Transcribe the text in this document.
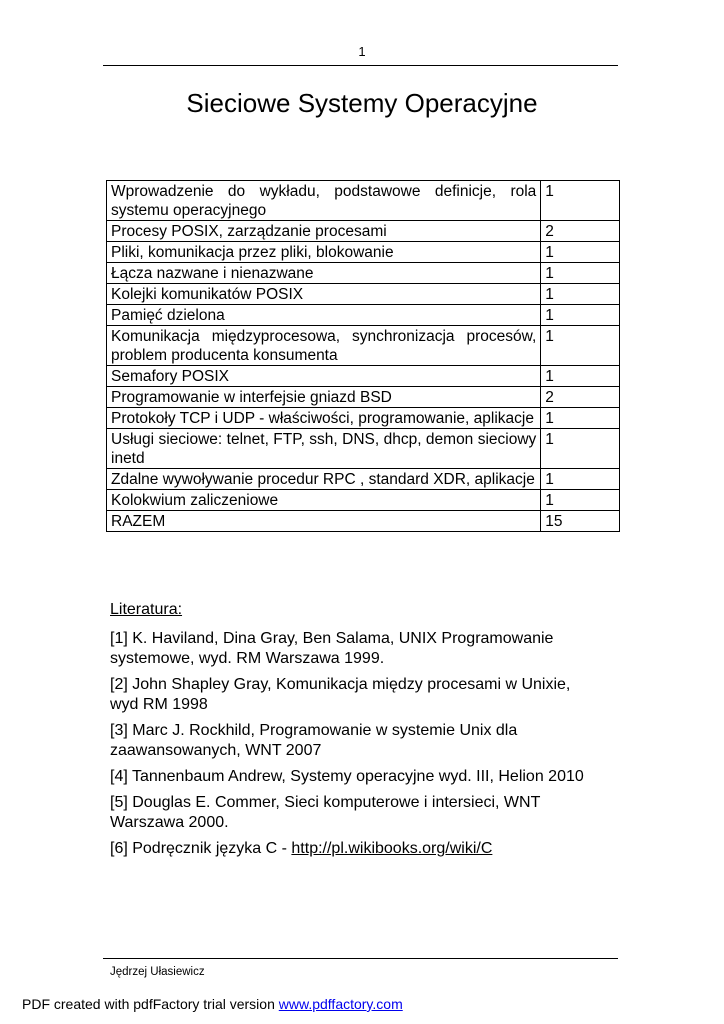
1
Sieciowe Systemy Operacyjne
Wprowadzenie do wykładu, podstawowe definicje, rola systemu operacyjnego	1
Procesy POSIX, zarządzanie procesami	2
Pliki, komunikacja przez pliki, blokowanie	1
Łącza nazwane i nienazwane	1
Kolejki komunikatów POSIX	1
Pamięć dzielona	1
Komunikacja międzyprocesowa, synchronizacja procesów, problem producenta konsumenta	1
Semafory POSIX	1
Programowanie w interfejsie gniazd BSD	2
Protokoły TCP i UDP - właściwości, programowanie, aplikacje	1
Usługi sieciowe: telnet, FTP, ssh, DNS, dhcp, demon sieciowy inetd	1
Zdalne wywoływanie procedur RPC , standard XDR, aplikacje	1
Kolokwium zaliczeniowe	1
RAZEM	15

Literatura:

[1] K. Haviland, Dina Gray, Ben Salama, UNIX Programowanie systemowe, wyd. RM Warszawa 1999.

[2] John Shapley Gray, Komunikacja między procesami w Unixie, wyd RM 1998

[3] Marc J. Rockhild, Programowanie w systemie Unix dla zaawansowanych, WNT 2007

[4] Tannenbaum Andrew, Systemy operacyjne wyd. III, Helion 2010

[5] Douglas E. Commer, Sieci komputerowe i intersieci, WNT Warszawa 2000.

[6] Podręcznik języka C - http://pl.wikibooks.org/wiki/C

Jędrzej Ułasiewicz
PDF created with pdfFactory trial version www.pdffactory.com
